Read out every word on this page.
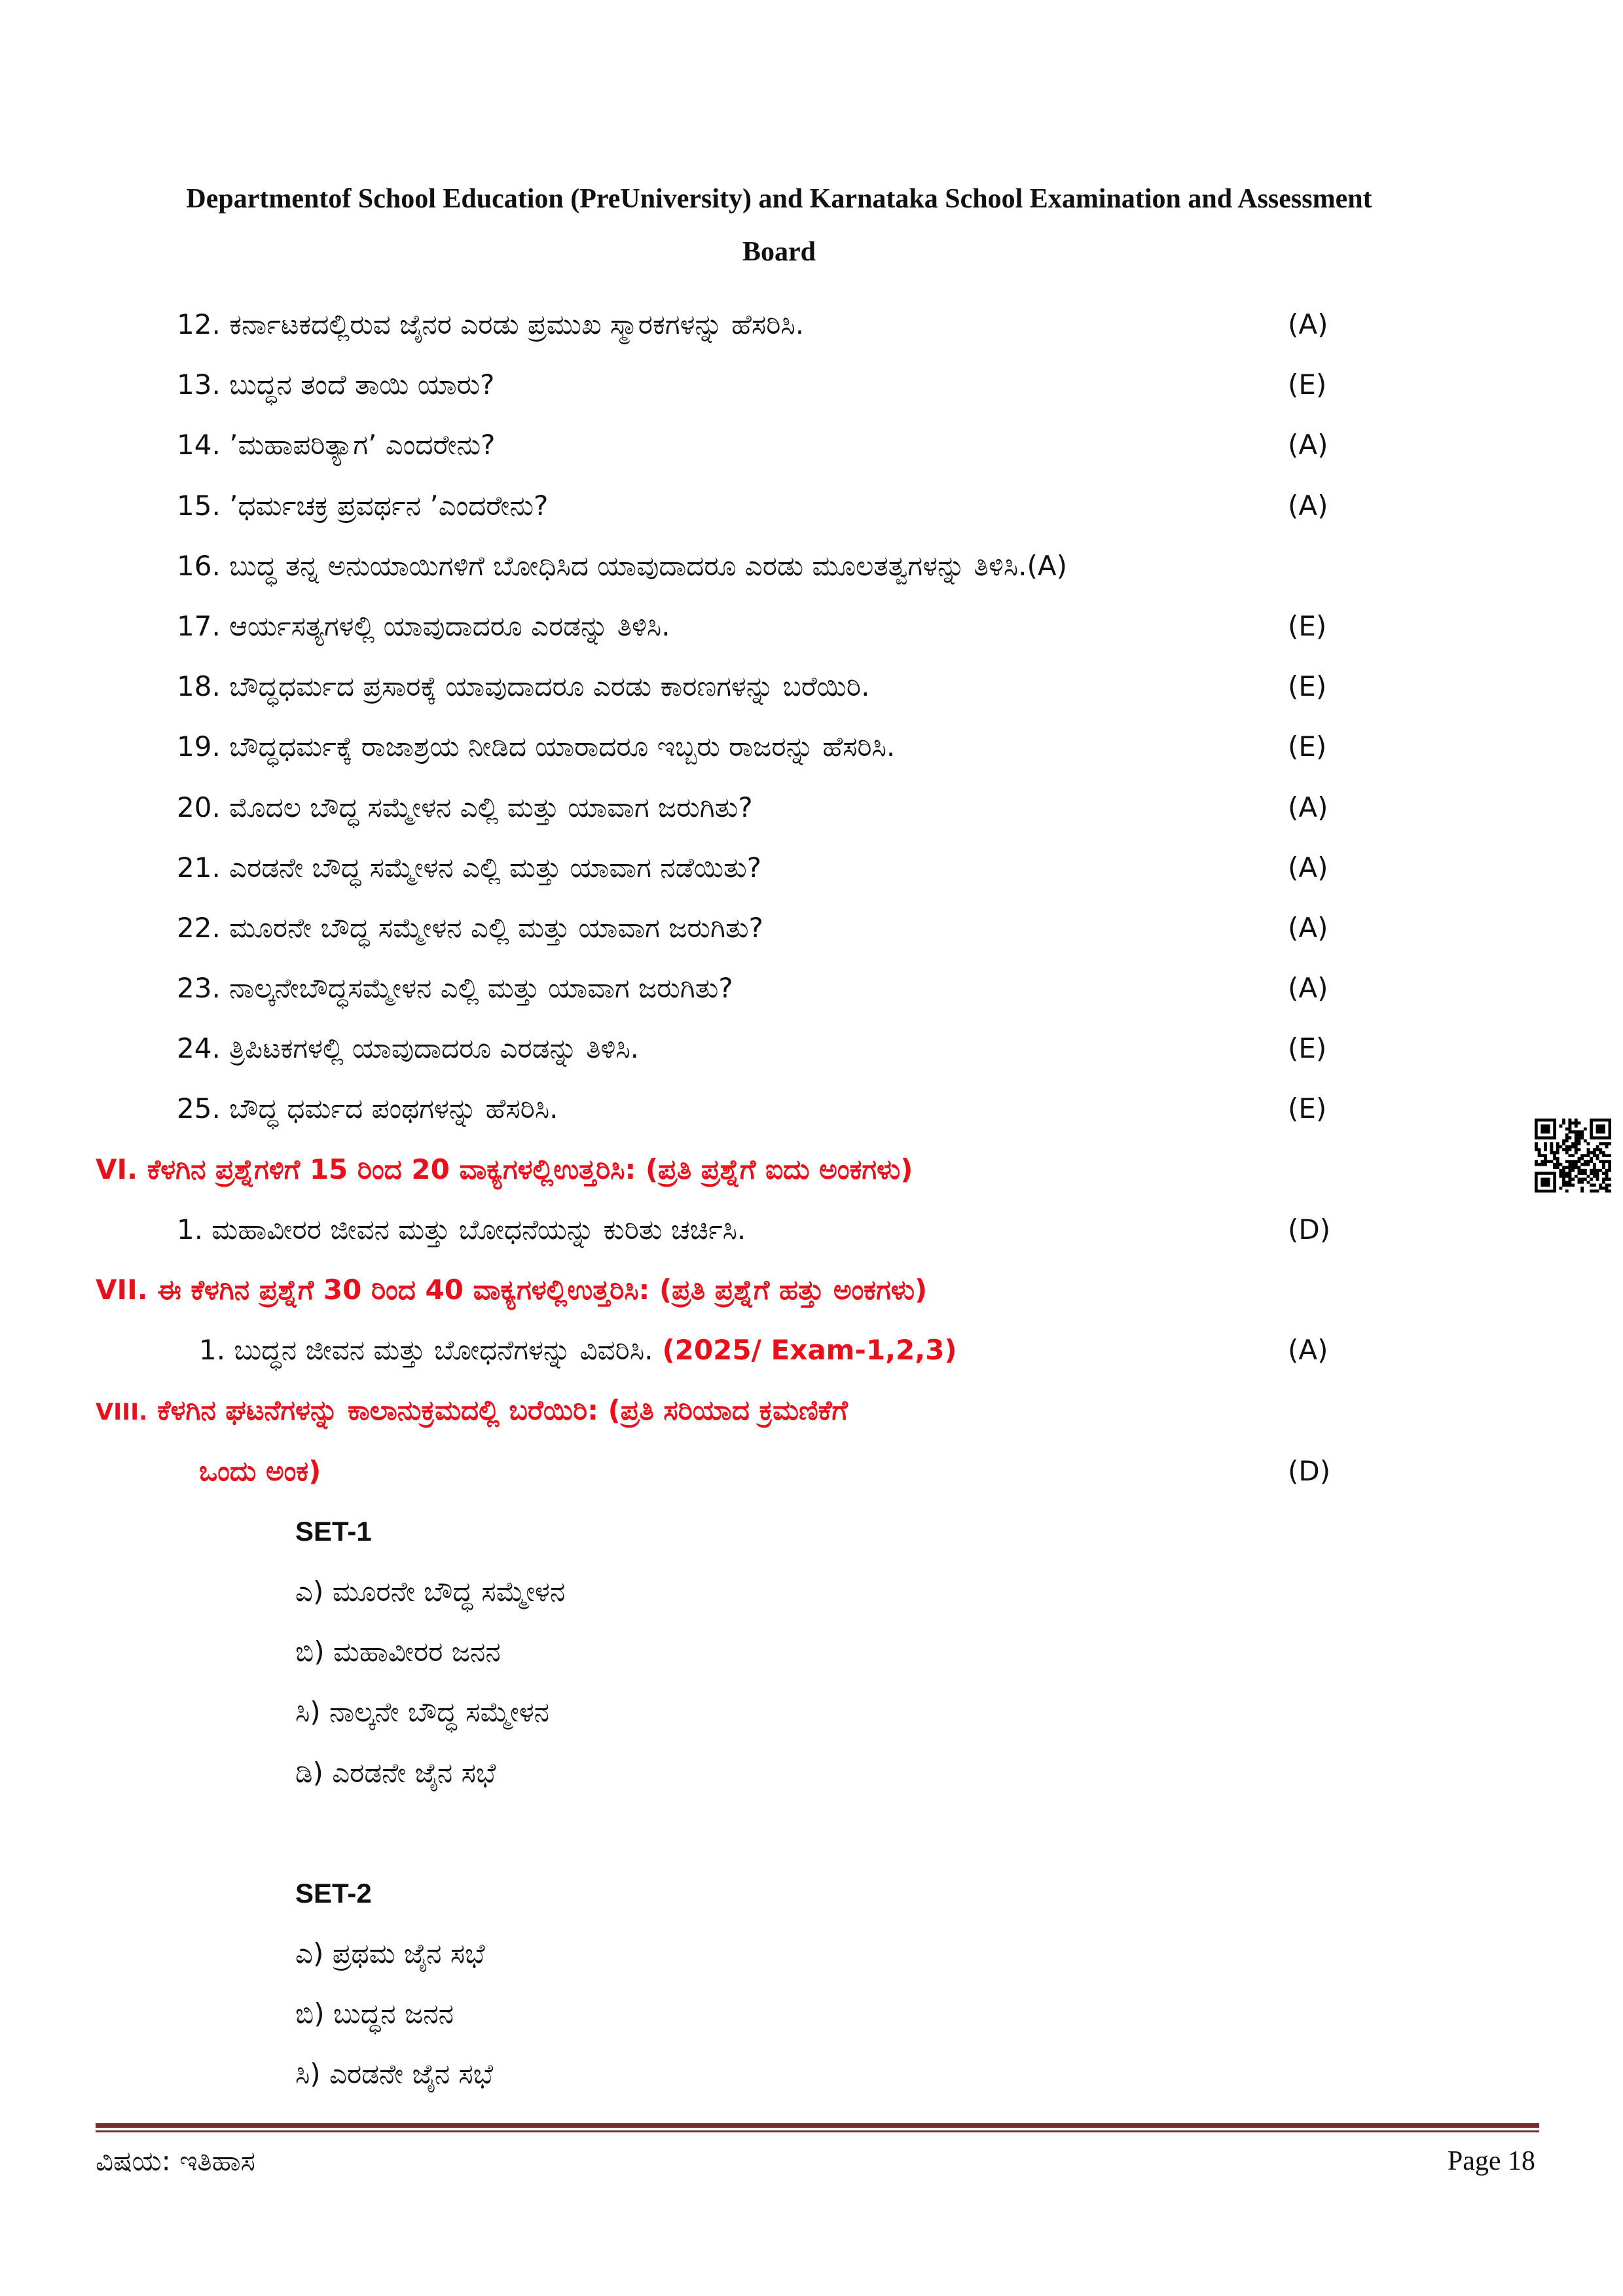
Departmentof School Education (PreUniversity) and Karnataka School Examination and Assessment
Board
12. ಕರ್ನಾಟಕದಲ್ಲಿರುವ ಜೈನರ ಎರಡು ಪ್ರಮುಖ ಸ್ಮಾರಕಗಳನ್ನು ಹೆಸರಿಸಿ.	(A)
13. ಬುದ್ಧನ ತಂದೆ ತಾಯಿ ಯಾರು?	(E)
14. ’ಮಹಾಪರಿತ್ಯಾಗ’ ಎಂದರೇನು?	(A)
15. ’ಧರ್ಮಚಕ್ರ ಪ್ರವರ್ಥನ ’ಎಂದರೇನು?	(A)
16. ಬುದ್ಧ ತನ್ನ ಅನುಯಾಯಿಗಳಿಗೆ ಬೋಧಿಸಿದ ಯಾವುದಾದರೂ ಎರಡು ಮೂಲತತ್ವಗಳನ್ನು ತಿಳಿಸಿ.(A)
17. ಆರ್ಯಸತ್ಯಗಳಲ್ಲಿ ಯಾವುದಾದರೂ ಎರಡನ್ನು ತಿಳಿಸಿ.	(E)
18. ಬೌದ್ಧಧರ್ಮದ ಪ್ರಸಾರಕ್ಕೆ ಯಾವುದಾದರೂ ಎರಡು ಕಾರಣಗಳನ್ನು ಬರೆಯಿರಿ.	(E)
19. ಬೌದ್ಧಧರ್ಮಕ್ಕೆ ರಾಜಾಶ್ರಯ ನೀಡಿದ ಯಾರಾದರೂ ಇಬ್ಬರು ರಾಜರನ್ನು ಹೆಸರಿಸಿ.	(E)
20. ಮೊದಲ ಬೌದ್ಧ ಸಮ್ಮೇಳನ ಎಲ್ಲಿ ಮತ್ತು ಯಾವಾಗ ಜರುಗಿತು?	(A)
21. ಎರಡನೇ ಬೌದ್ಧ ಸಮ್ಮೇಳನ ಎಲ್ಲಿ ಮತ್ತು ಯಾವಾಗ ನಡೆಯಿತು?	(A)
22. ಮೂರನೇ ಬೌದ್ಧ ಸಮ್ಮೇಳನ ಎಲ್ಲಿ ಮತ್ತು ಯಾವಾಗ ಜರುಗಿತು?	(A)
23. ನಾಲ್ಕನೇಬೌದ್ಧಸಮ್ಮೇಳನ ಎಲ್ಲಿ ಮತ್ತು ಯಾವಾಗ ಜರುಗಿತು?	(A)
24. ತ್ರಿಪಿಟಕಗಳಲ್ಲಿ ಯಾವುದಾದರೂ ಎರಡನ್ನು ತಿಳಿಸಿ.	(E)
25. ಬೌದ್ಧ ಧರ್ಮದ ಪಂಥಗಳನ್ನು ಹೆಸರಿಸಿ.	(E)
VI. ಕೆಳಗಿನ ಪ್ರಶ್ನೆಗಳಿಗೆ 15 ರಿಂದ 20 ವಾಕ್ಯಗಳಲ್ಲಿಉತ್ತರಿಸಿ: (ಪ್ರತಿ ಪ್ರಶ್ನೆಗೆ ಐದು ಅಂಕಗಳು)
1. ಮಹಾವೀರರ ಜೀವನ ಮತ್ತು ಬೋಧನೆಯನ್ನು ಕುರಿತು ಚರ್ಚಿಸಿ.	(D)
VII. ಈ ಕೆಳಗಿನ ಪ್ರಶ್ನೆಗೆ 30 ರಿಂದ 40 ವಾಕ್ಯಗಳಲ್ಲಿಉತ್ತರಿಸಿ: (ಪ್ರತಿ ಪ್ರಶ್ನೆಗೆ ಹತ್ತು ಅಂಕಗಳು)
1. ಬುದ್ಧನ ಜೀವನ ಮತ್ತು ಬೋಧನೆಗಳನ್ನು ವಿವರಿಸಿ. (2025/ Exam-1,2,3)	(A)
VIII. ಕೆಳಗಿನ ಘಟನೆಗಳನ್ನು ಕಾಲಾನುಕ್ರಮದಲ್ಲಿ ಬರೆಯಿರಿ: (ಪ್ರತಿ ಸರಿಯಾದ ಕ್ರಮಣಿಕೆಗೆ
ಒಂದು ಅಂಕ)	(D)
SET-1
ಎ) ಮೂರನೇ ಬೌದ್ಧ ಸಮ್ಮೇಳನ
ಬಿ) ಮಹಾವೀರರ ಜನನ
ಸಿ) ನಾಲ್ಕನೇ ಬೌದ್ಧ ಸಮ್ಮೇಳನ
ಡಿ) ಎರಡನೇ ಜೈನ ಸಭೆ
SET-2
ಎ) ಪ್ರಥಮ ಜೈನ ಸಭೆ
ಬಿ) ಬುದ್ಧನ ಜನನ
ಸಿ) ಎರಡನೇ ಜೈನ ಸಭೆ
ವಿಷಯ: ಇತಿಹಾಸ	Page 18
